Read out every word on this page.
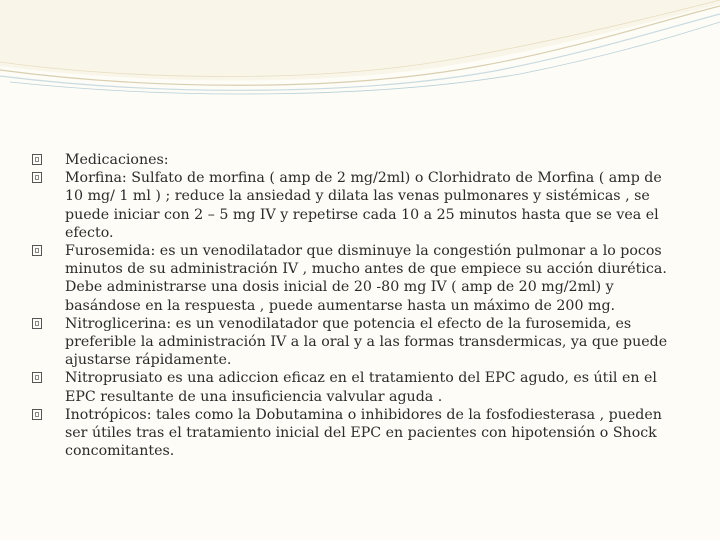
Medicaciones:
Morfina: Sulfato de morfina ( amp de 2 mg/2ml) o Clorhidrato de Morfina ( amp de 10 mg/ 1 ml ) ; reduce la ansiedad y dilata las venas pulmonares y sistémicas , se puede iniciar con 2 – 5 mg IV y repetirse cada 10 a 25 minutos hasta que se vea el efecto.
Furosemida: es un venodilatador que disminuye la congestión pulmonar a lo pocos minutos de su administración IV , mucho antes de que empiece su acción diurética. Debe administrarse una dosis inicial de 20 -80 mg IV ( amp de 20 mg/2ml) y basándose en la respuesta , puede aumentarse hasta un máximo de 200 mg.
Nitroglicerina: es un venodilatador que potencia el efecto de la furosemida, es preferible la administración IV a la oral y a las formas transdermicas, ya que puede ajustarse rápidamente.
Nitroprusiato es una adiccion eficaz en el tratamiento del EPC agudo, es útil en el EPC resultante de una insuficiencia valvular aguda .
Inotrópicos: tales como la Dobutamina o inhibidores de la fosfodiesterasa , pueden ser útiles tras el tratamiento inicial del EPC en pacientes con hipotensión o Shock concomitantes.
